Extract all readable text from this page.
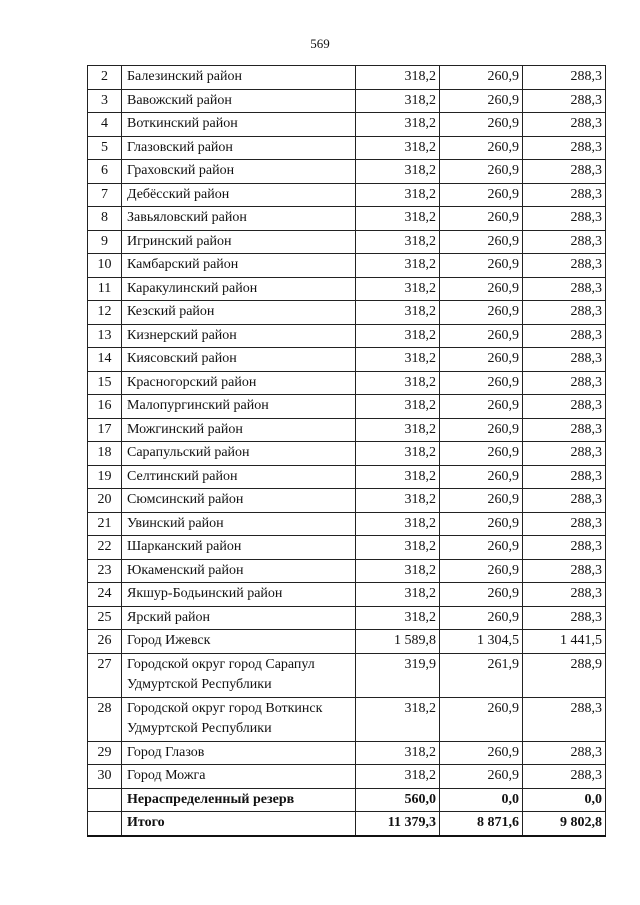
569
2	Балезинский район	318,2	260,9	288,3
3	Вавожский район	318,2	260,9	288,3
4	Воткинский район	318,2	260,9	288,3
5	Глазовский район	318,2	260,9	288,3
6	Граховский район	318,2	260,9	288,3
7	Дебёсский район	318,2	260,9	288,3
8	Завьяловский район	318,2	260,9	288,3
9	Игринский район	318,2	260,9	288,3
10	Камбарский район	318,2	260,9	288,3
11	Каракулинский район	318,2	260,9	288,3
12	Кезский район	318,2	260,9	288,3
13	Кизнерский район	318,2	260,9	288,3
14	Киясовский район	318,2	260,9	288,3
15	Красногорский район	318,2	260,9	288,3
16	Малопургинский район	318,2	260,9	288,3
17	Можгинский район	318,2	260,9	288,3
18	Сарапульский район	318,2	260,9	288,3
19	Селтинский район	318,2	260,9	288,3
20	Сюмсинский район	318,2	260,9	288,3
21	Увинский район	318,2	260,9	288,3
22	Шарканский район	318,2	260,9	288,3
23	Юкаменский район	318,2	260,9	288,3
24	Якшур-Бодьинский район	318,2	260,9	288,3
25	Ярский район	318,2	260,9	288,3
26	Город Ижевск	1 589,8	1 304,5	1 441,5
27	Городской округ город Сарапул Удмуртской Республики	319,9	261,9	288,9
28	Городской округ город Воткинск Удмуртской Республики	318,2	260,9	288,3
29	Город Глазов	318,2	260,9	288,3
30	Город Можга	318,2	260,9	288,3
	Нераспределенный резерв	560,0	0,0	0,0
	Итого	11 379,3	8 871,6	9 802,8
